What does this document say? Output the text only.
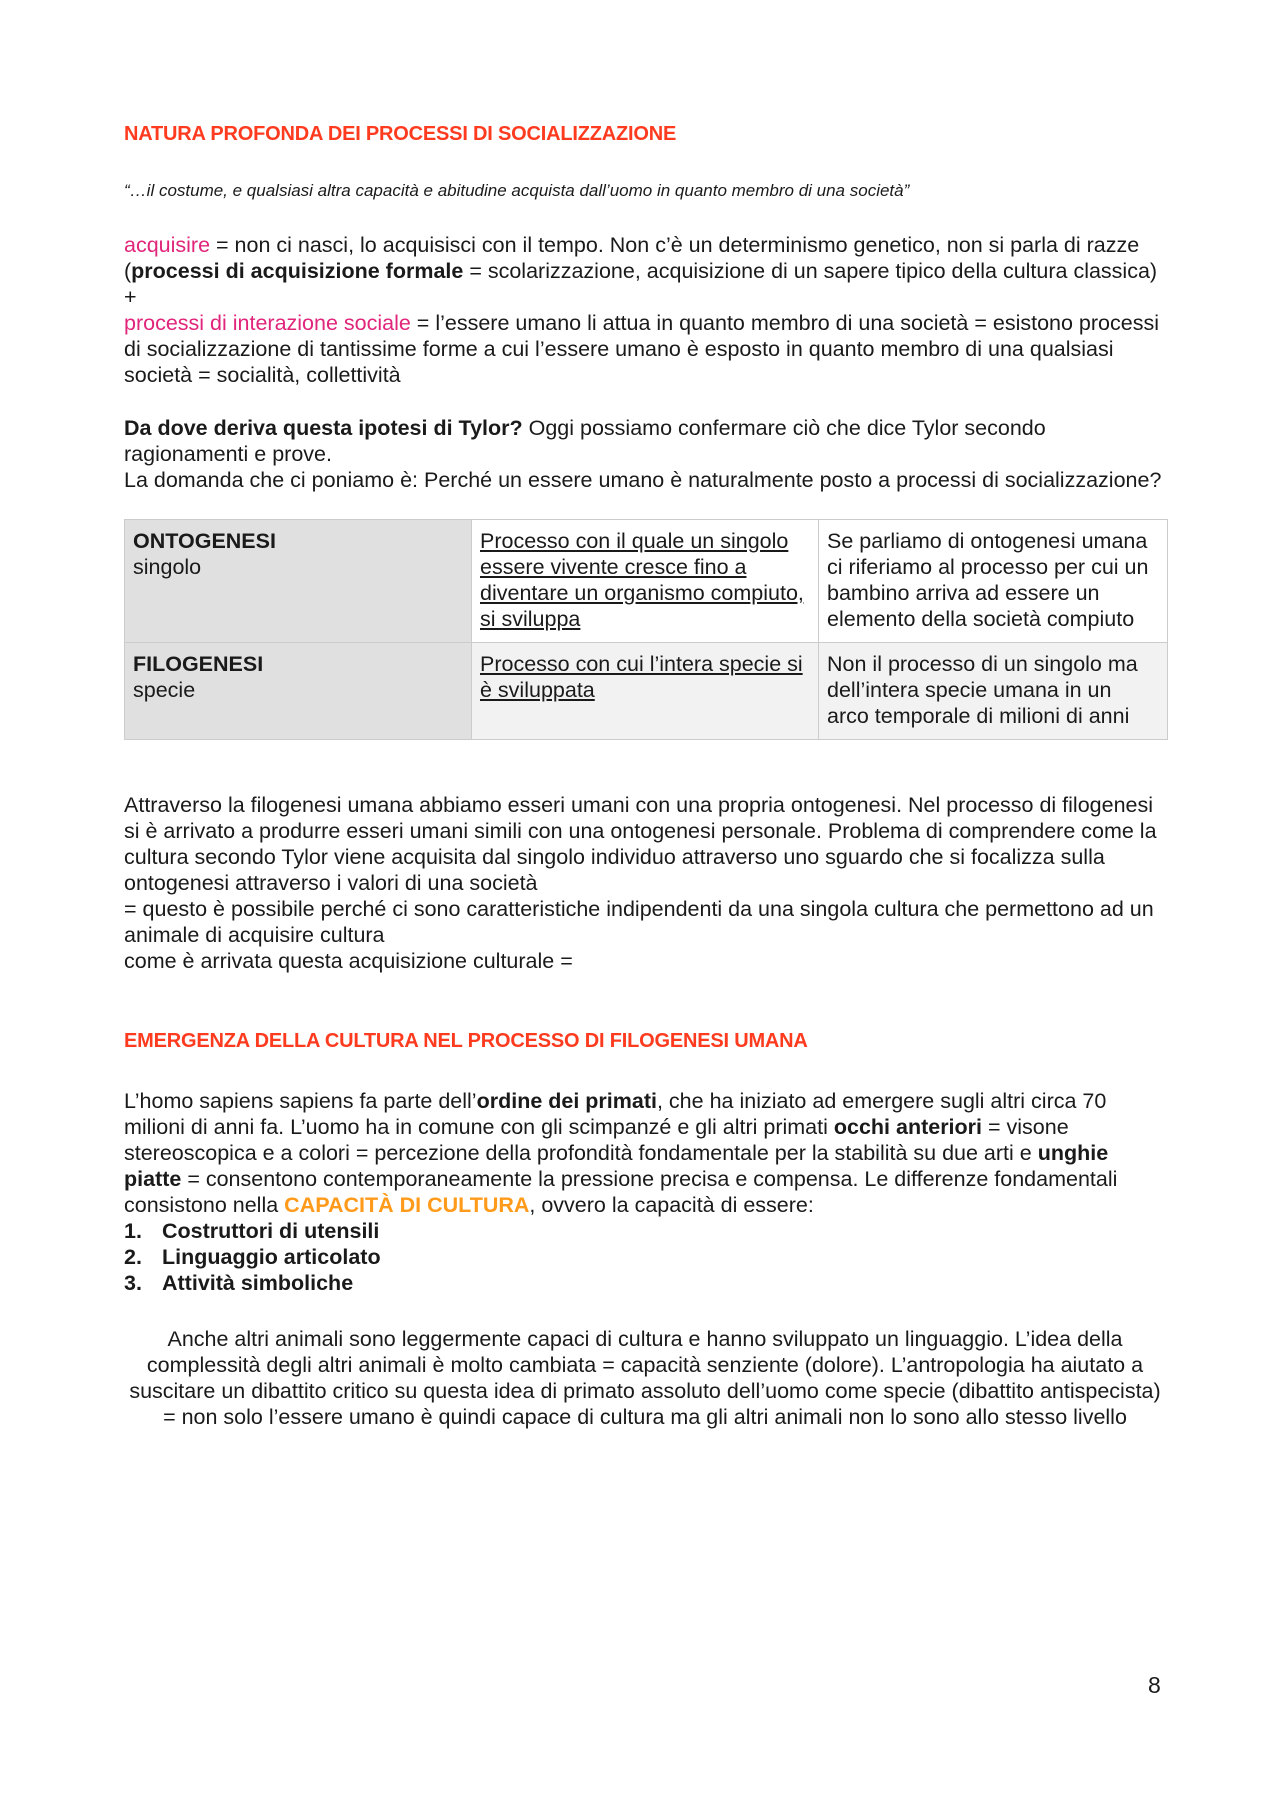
NATURA PROFONDA DEI PROCESSI DI SOCIALIZZAZIONE

“…il costume, e qualsiasi altra capacità e abitudine acquista dall’uomo in quanto membro di una società”

acquisire = non ci nasci, lo acquisisci con il tempo. Non c’è un determinismo genetico, non si parla di razze (processi di acquisizione formale = scolarizzazione, acquisizione di un sapere tipico della cultura classica)

+

processi di interazione sociale = l’essere umano li attua in quanto membro di una società = esistono processi di socializzazione di tantissime forme a cui l’essere umano è esposto in quanto membro di una qualsiasi società = socialità, collettività

Da dove deriva questa ipotesi di Tylor? Oggi possiamo confermare ciò che dice Tylor secondo ragionamenti e prove.

La domanda che ci poniamo è: Perché un essere umano è naturalmente posto a processi di socializzazione?

ONTOGENESI
singolo	Processo con il quale un singolo essere vivente cresce fino a diventare un organismo compiuto, si sviluppa	Se parliamo di ontogenesi umana ci riferiamo al processo per cui un bambino arriva ad essere un elemento della società compiuto
FILOGENESI
specie	Processo con cui l’intera specie si è sviluppata	Non il processo di un singolo ma dell’intera specie umana in un arco temporale di milioni di anni

Attraverso la filogenesi umana abbiamo esseri umani con una propria ontogenesi. Nel processo di filogenesi si è arrivato a produrre esseri umani simili con una ontogenesi personale. Problema di comprendere come la cultura secondo Tylor viene acquisita dal singolo individuo attraverso uno sguardo che si focalizza sulla ontogenesi attraverso i valori di una società

= questo è possibile perché ci sono caratteristiche indipendenti da una singola cultura che permettono ad un animale di acquisire cultura

come è arrivata questa acquisizione culturale =

EMERGENZA DELLA CULTURA NEL PROCESSO DI FILOGENESI UMANA

L’homo sapiens sapiens fa parte dell’ordine dei primati, che ha iniziato ad emergere sugli altri circa 70 milioni di anni fa. L’uomo ha in comune con gli scimpanzé e gli altri primati occhi anteriori = visone stereoscopica e a colori = percezione della profondità fondamentale per la stabilità su due arti e unghie piatte = consentono contemporaneamente la pressione precisa e compensa. Le differenze fondamentali consistono nella CAPACITÀ DI CULTURA, ovvero la capacità di essere:

1. Costruttori di utensili
2. Linguaggio articolato
3. Attività simboliche

Anche altri animali sono leggermente capaci di cultura e hanno sviluppato un linguaggio. L’idea della complessità degli altri animali è molto cambiata = capacità senziente (dolore). L’antropologia ha aiutato a suscitare un dibattito critico su questa idea di primato assoluto dell’uomo come specie (dibattito antispecista) = non solo l’essere umano è quindi capace di cultura ma gli altri animali non lo sono allo stesso livello

8
